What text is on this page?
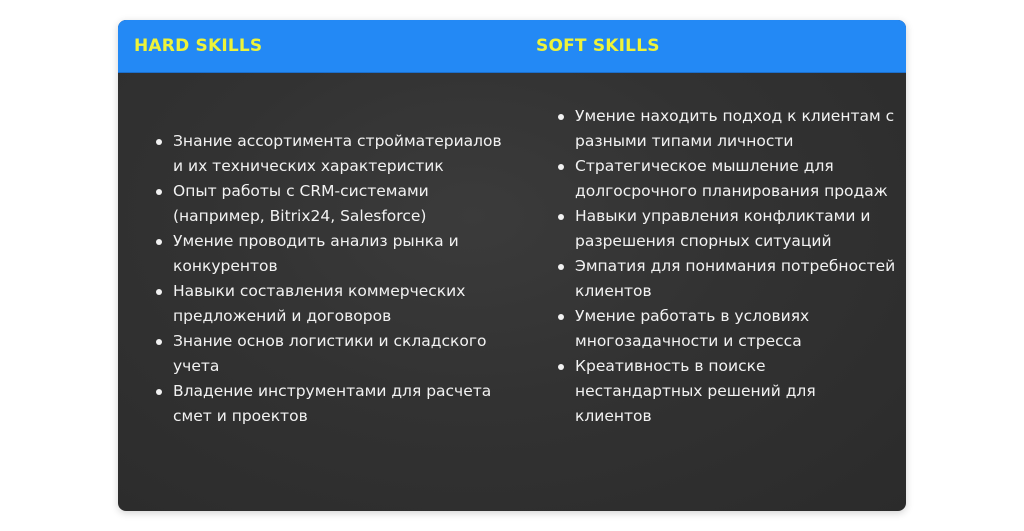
HARD SKILLS	SOFT SKILLS
Знание ассортимента стройматериалов и их технических характеристик
Опыт работы с CRM-системами (например, Bitrix24, Salesforce)
Умение проводить анализ рынка и конкурентов
Навыки составления коммерческих предложений и договоров
Знание основ логистики и складского учета
Владение инструментами для расчета смет и проектов
Умение находить подход к клиентам с разными типами личности
Стратегическое мышление для долгосрочного планирования продаж
Навыки управления конфликтами и разрешения спорных ситуаций
Эмпатия для понимания потребностей клиентов
Умение работать в условиях многозадачности и стресса
Креативность в поиске нестандартных решений для клиентов
